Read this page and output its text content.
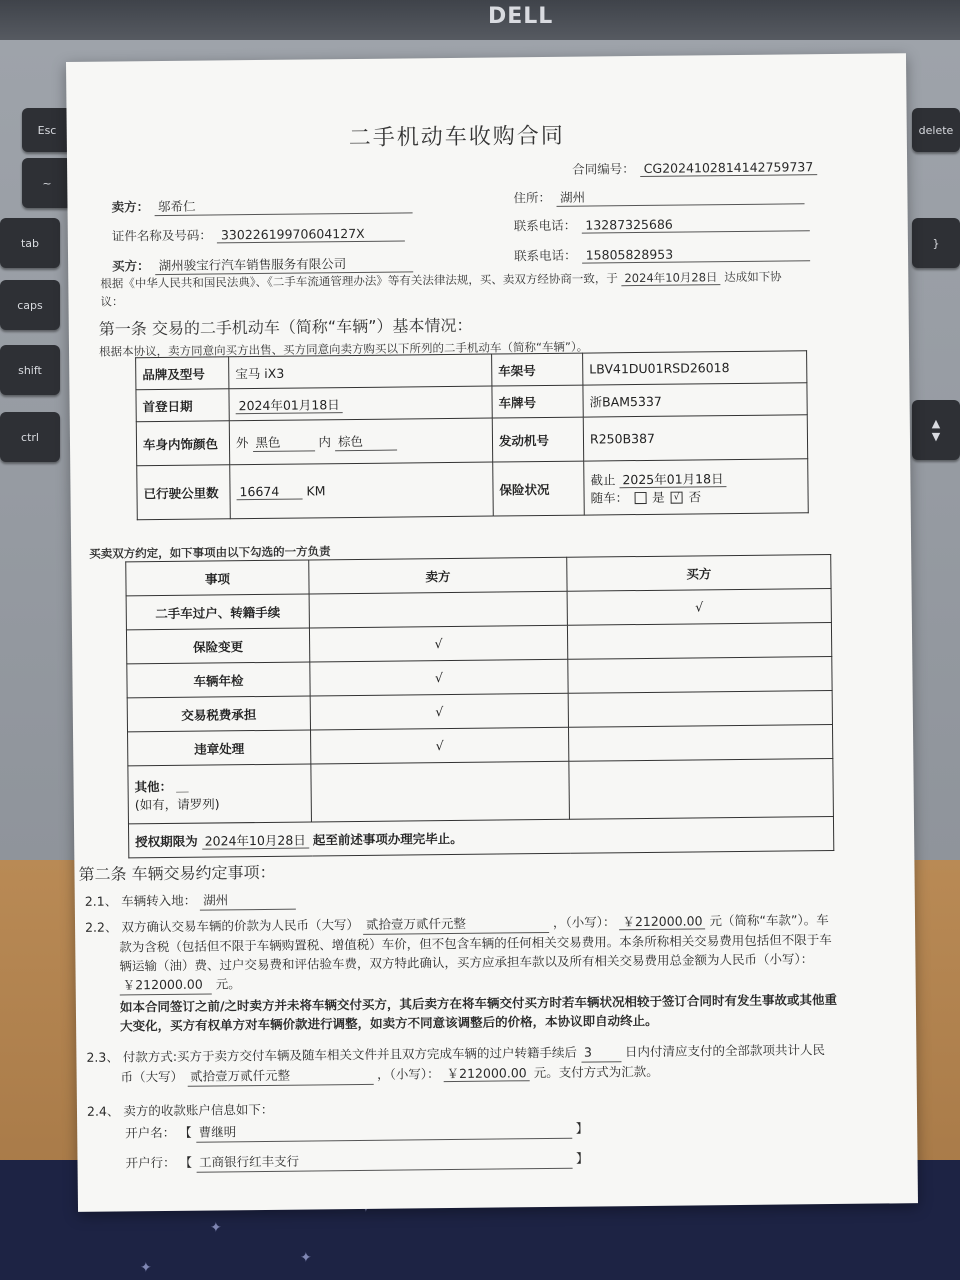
DELL
Esc
~
tab
caps
shift
ctrl
delete
}
▲
▼
✦
✦
✦
二手机动车收购合同
合同编号： CG2024102814142759737
卖方： 邬希仁
住所： 湖州
证件名称及号码： 33022619970604127X
联系电话： 13287325686
买方： 湖州骏宝行汽车销售服务有限公司
联系电话： 15805828953
根据《中华人民共和国民法典》、《二手车流通管理办法》等有关法律法规，买、卖双方经协商一致，于 2024年10月28日 达成如下协
议：
第一条 交易的二手机动车（简称“车辆”）基本情况：
根据本协议，卖方同意向买方出售、买方同意向卖方购买以下所列的二手机动车（简称“车辆”）。
品牌及型号	宝马 iX3	车架号	LBV41DU01RSD26018
首登日期	2024年01月18日	车牌号	浙BAM5337
车身内饰颜色	外 黑色 内 棕色	发动机号	R250B387
已行驶公里数	16674 KM	保险状况	截止 2025年01月18日
随车： 是 √ 否
买卖双方约定，如下事项由以下勾选的一方负责
事项	卖方	买方
二手车过户、转籍手续		√
保险变更	√	
车辆年检	√	
交易税费承担	√	
违章处理	√	

其他： ＿
(如有，请罗列)		

授权期限为 2024年10月28日 起至前述事项办理完毕止。		
第二条 车辆交易约定事项：
2.1、 车辆转入地： 湖州
2.2、 双方确认交易车辆的价款为人民币（大写） 贰拾壹万贰仟元整	，（小写）： ￥212000.00 元（简称“车款”）。车
款为含税（包括但不限于车辆购置税、增值税）车价，但不包含车辆的任何相关交易费用。本条所称相关交易费用包括但不限于车
辆运输（油）费、过户交易费和评估验车费，双方特此确认，买方应承担车款以及所有相关交易费用总金额为人民币（小写）：
￥212000.00 元。
如本合同签订之前/之时卖方并未将车辆交付买方，其后卖方在将车辆交付买方时若车辆状况相较于签订合同时有发生事故或其他重
大变化，买方有权单方对车辆价款进行调整，如卖方不同意该调整后的价格，本协议即自动终止。
2.3、 付款方式:买方于卖方交付车辆及随车相关文件并且双方完成车辆的过户转籍手续后 3	日内付清应支付的全部款项共计人民
币（大写） 贰拾壹万贰仟元整	，（小写）： ￥212000.00 元。支付方式为汇款。
2.4、 卖方的收款账户信息如下：
开户名： 【 曹继明	】
开户行： 【 工商银行红丰支行	】
